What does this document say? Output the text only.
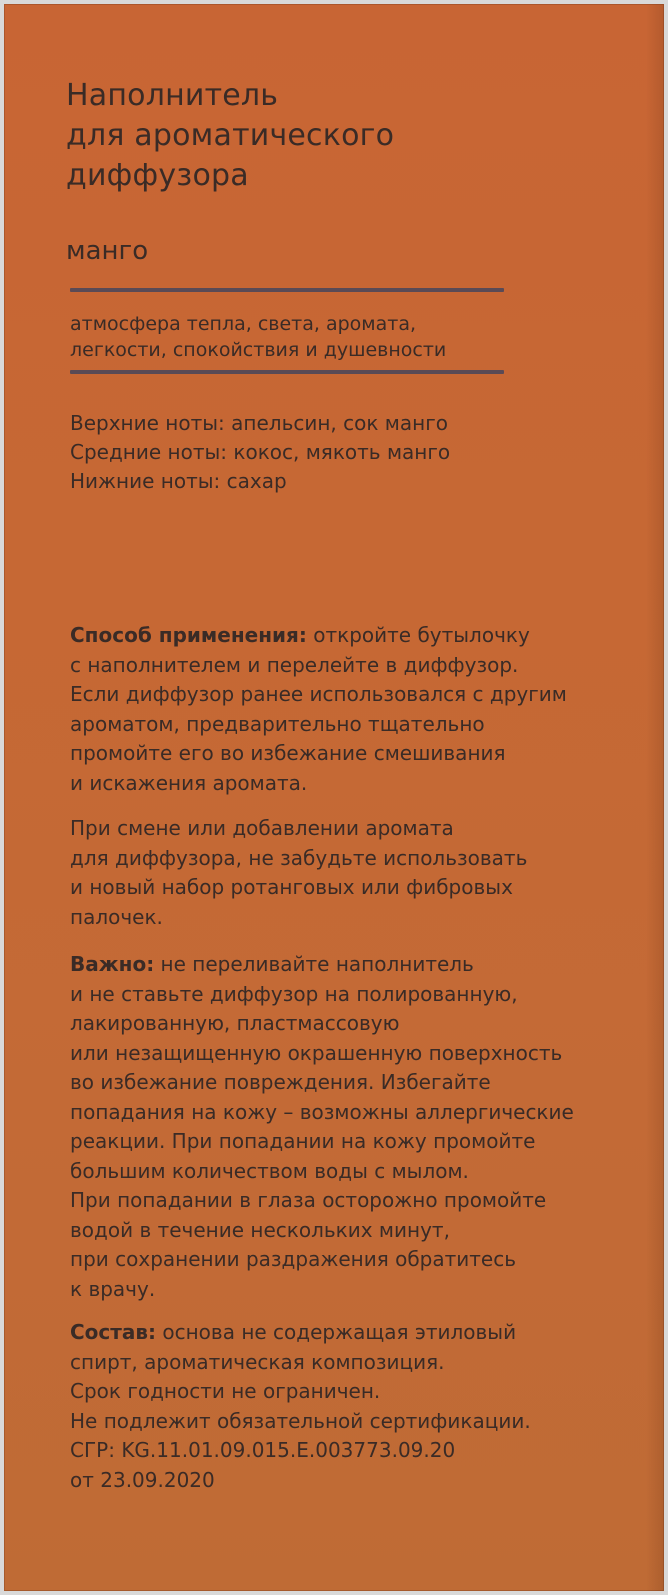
Наполнитель
для ароматического
диффузора
манго
атмосфера тепла, света, аромата,
легкости, спокойствия и душевности
Верхние ноты: апельсин, сок манго
Средние ноты: кокос, мякоть манго
Нижние ноты: сахар
Способ применения: откройте бутылочку
с наполнителем и перелейте в диффузор.
Если диффузор ранее использовался с другим
ароматом, предварительно тщательно
промойте его во избежание смешивания
и искажения аромата.
При смене или добавлении аромата
для диффузора, не забудьте использовать
и новый набор ротанговых или фибровых
палочек.
Важно: не переливайте наполнитель
и не ставьте диффузор на полированную,
лакированную, пластмассовую
или незащищенную окрашенную поверхность
во избежание повреждения. Избегайте
попадания на кожу – возможны аллергические
реакции. При попадании на кожу промойте
большим количеством воды с мылом.
При попадании в глаза осторожно промойте
водой в течение нескольких минут,
при сохранении раздражения обратитесь
к врачу.
Состав: основа не содержащая этиловый
спирт, ароматическая композиция.
Срок годности не ограничен.
Не подлежит обязательной сертификации.
СГР: KG.11.01.09.015.E.003773.09.20
от 23.09.2020
